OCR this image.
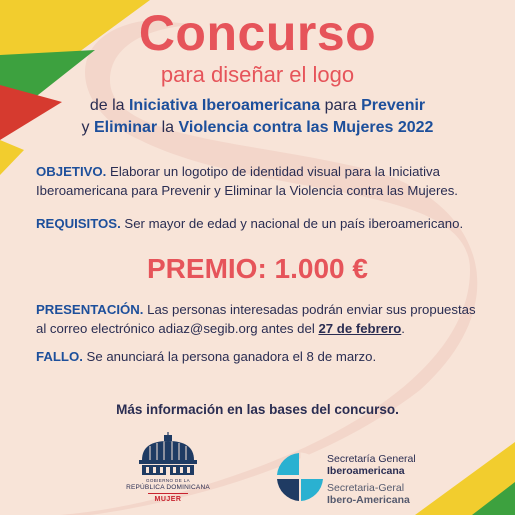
Concurso
para diseñar el logo
de la Iniciativa Iberoamericana para Prevenir
y Eliminar la Violencia contra las Mujeres 2022
OBJETIVO. Elaborar un logotipo de identidad visual para la Iniciativa Iberoamericana para Prevenir y Eliminar la Violencia contra las Mujeres.
REQUISITOS. Ser mayor de edad y nacional de un país iberoamericano.
PREMIO: 1.000 €
PRESENTACIÓN. Las personas interesadas podrán enviar sus propuestas al correo electrónico adiaz@segib.org antes del 27 de febrero.
FALLO. Se anunciará la persona ganadora el 8 de marzo.
Más información en las bases del concurso.
GOBIERNO DE LA
REPÚBLICA DOMINICANA
MUJER
Secretaría General
Iberoamericana
Secretaria-Geral
Ibero-Americana
